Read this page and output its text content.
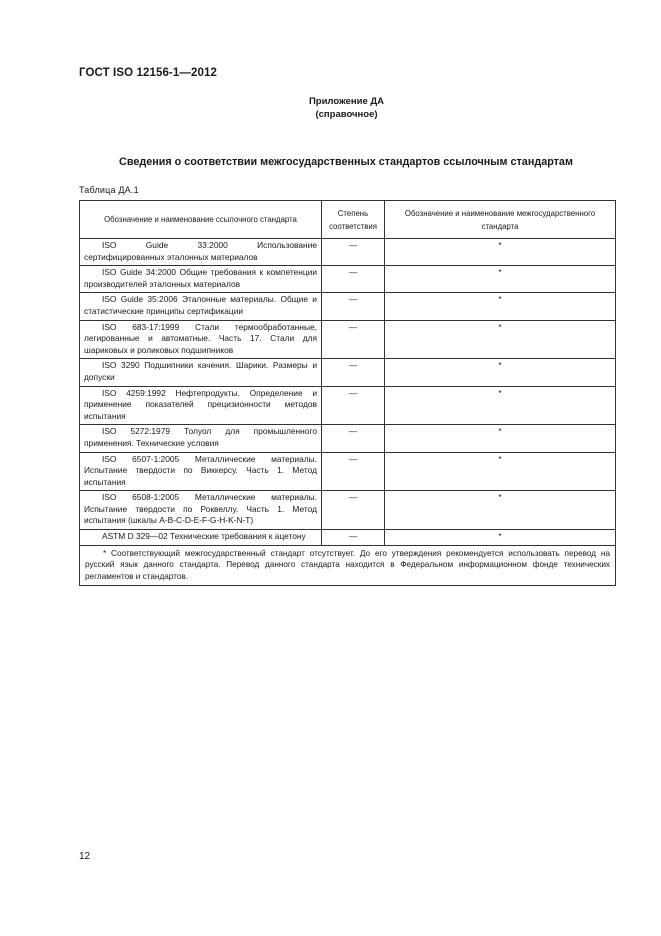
ГОСТ ISO 12156-1—2012
Приложение ДА
(справочное)
Сведения о соответствии межгосударственных стандартов ссылочным стандартам
Таблица ДА.1
Обозначение и наименование ссылочного стандарта	Степень соответствия	Обозначение и наименование межгосударственного стандарта
ISO Guide 33:2000 Использование сертифицированных эталонных материалов	—	*
ISO Guide 34:2000 Общие требования к компетенции производителей эталонных материалов	—	*
ISO Guide 35:2006 Эталонные материалы. Общие и статистические принципы сертификации	—	*
ISO 683-17:1999 Стали термообработанные, легированные и автоматные. Часть 17. Стали для шариковых и роликовых подшипников	—	*
ISO 3290 Подшипники качения. Шарики. Размеры и допуски	—	*
ISO 4259:1992 Нефтепродукты. Определение и применение показателей прецизионности методов испытания	—	*
ISO 5272:1979 Толуол для промышленного применения. Технические условия	—	*
ISO 6507-1:2005 Металлические материалы. Испытание твердости по Виккерсу. Часть 1. Метод испытания	—	*
ISO 6508-1:2005 Металлические материалы. Испытание твердости по Роквеллу. Часть 1. Метод испытания (шкалы A-B-C-D-E-F-G-H-K-N-T)	—	*
ASTM D 329—02 Технические требования к ацетону	—	*
* Соответствующий межгосударственный стандарт отсутствует. До его утверждения рекомендуется использовать перевод на русский язык данного стандарта. Перевод данного стандарта находится в Федеральном информационном фонде технических регламентов и стандартов.		
12
